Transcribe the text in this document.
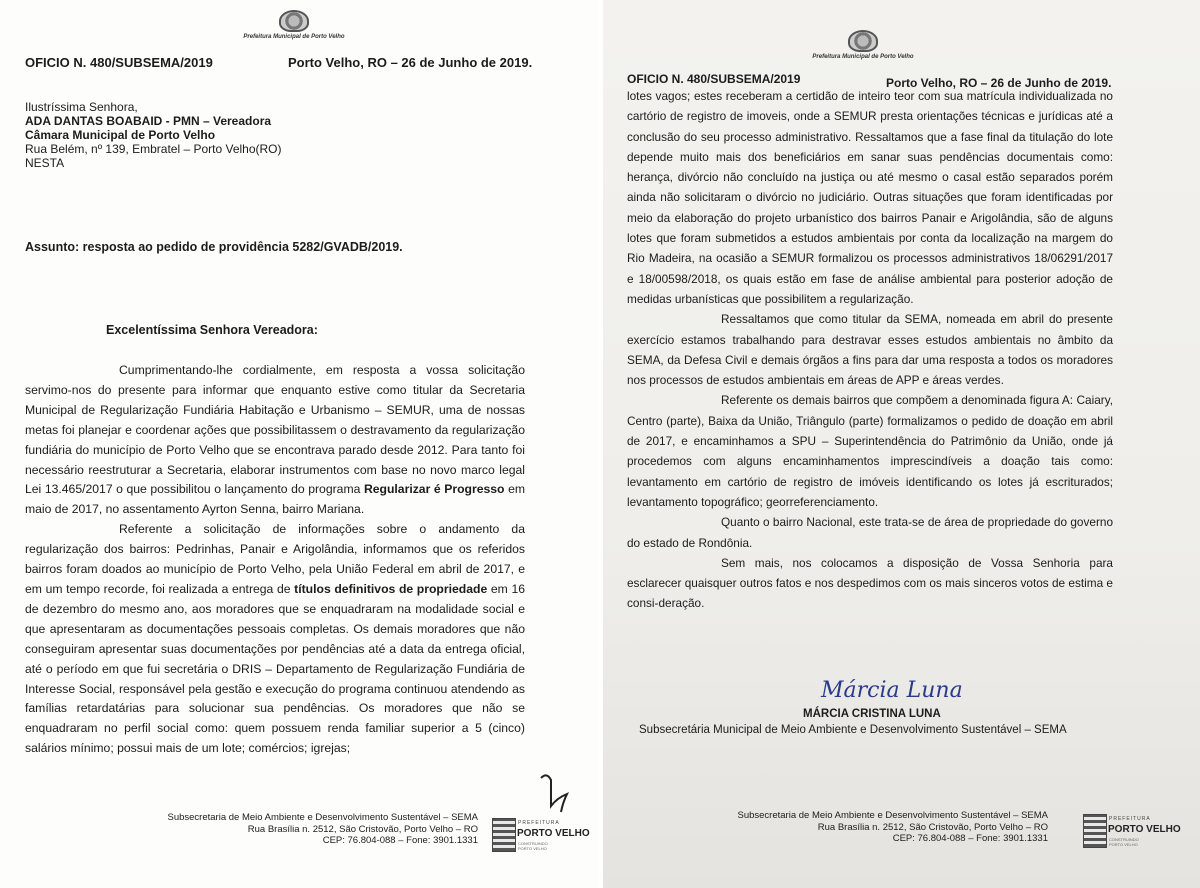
Prefeitura Municipal de Porto Velho
OFICIO N. 480/SUBSEMA/2019	Porto Velho, RO – 26 de Junho de 2019.
Ilustríssima Senhora,
ADA DANTAS BOABAID - PMN – Vereadora
Câmara Municipal de Porto Velho
Rua Belém, nº 139, Embratel – Porto Velho(RO)
NESTA
Assunto: resposta ao pedido de providência 5282/GVADB/2019.
Excelentíssima Senhora Vereadora:

Cumprimentando-lhe cordialmente, em resposta a vossa solicitação servimo-nos do presente para informar que enquanto estive como titular da Secretaria Municipal de Regularização Fundiária Habitação e Urbanismo – SEMUR, uma de nossas metas foi planejar e coordenar ações que possibilitassem o destravamento da regularização fundiária do município de Porto Velho que se encontrava parado desde 2012. Para tanto foi necessário reestruturar a Secretaria, elaborar instrumentos com base no novo marco legal Lei 13.465/2017 o que possibilitou o lançamento do programa Regularizar é Progresso em maio de 2017, no assentamento Ayrton Senna, bairro Mariana.

Referente a solicitação de informações sobre o andamento da regularização dos bairros: Pedrinhas, Panair e Arigolândia, informamos que os referidos bairros foram doados ao município de Porto Velho, pela União Federal em abril de 2017, e em um tempo recorde, foi realizada a entrega de títulos definitivos de propriedade em 16 de dezembro do mesmo ano, aos moradores que se enquadraram na modalidade social e que apresentaram as documentações pessoais completas. Os demais moradores que não conseguiram apresentar suas documentações por pendências até a data da entrega oficial, até o período em que fui secretária o DRIS – Departamento de Regularização Fundiária de Interesse Social, responsável pela gestão e execução do programa continuou atendendo as famílias retardatárias para solucionar sua pendências. Os moradores que não se enquadraram no perfil social como: quem possuem renda familiar superior a 5 (cinco) salários mínimo; possui mais de um lote; comércios; igrejas;

Subsecretaria de Meio Ambiente e Desenvolvimento Sustentável – SEMA
Rua Brasília n. 2512, São Cristovão, Porto Velho – RO
CEP: 76.804-088 – Fone: 3901.1331
PREFEITURA
PORTO VELHO
CONSTRUINDO PORTO VELHO
Prefeitura Municipal de Porto Velho
OFICIO N. 480/SUBSEMA/2019	Porto Velho, RO – 26 de Junho de 2019.

lotes vagos; estes receberam a certidão de inteiro teor com sua matrícula individualizada no cartório de registro de imoveis, onde a SEMUR presta orientações técnicas e jurídicas até a conclusão do seu processo administrativo. Ressaltamos que a fase final da titulação do lote depende muito mais dos beneficiários em sanar suas pendências documentais como: herança, divórcio não concluído na justiça ou até mesmo o casal estão separados porém ainda não solicitaram o divórcio no judiciário. Outras situações que foram identificadas por meio da elaboração do projeto urbanístico dos bairros Panair e Arigolândia, são de alguns lotes que foram submetidos a estudos ambientais por conta da localização na margem do Rio Madeira, na ocasião a SEMUR formalizou os processos administrativos 18/06291/2017 e 18/00598/2018, os quais estão em fase de análise ambiental para posterior adoção de medidas urbanísticas que possibilitem a regularização.

Ressaltamos que como titular da SEMA, nomeada em abril do presente exercício estamos trabalhando para destravar esses estudos ambientais no âmbito da SEMA, da Defesa Civil e demais órgãos a fins para dar uma resposta a todos os moradores nos processos de estudos ambientais em áreas de APP e áreas verdes.

Referente os demais bairros que compõem a denominada figura A: Caiary, Centro (parte), Baixa da União, Triângulo (parte) formalizamos o pedido de doação em abril de 2017, e encaminhamos a SPU – Superintendência do Patrimônio da União, onde já procedemos com alguns encaminhamentos imprescindíveis a doação tais como: levantamento em cartório de registro de imóveis identificando os lotes já escriturados; levantamento topográfico; georreferenciamento.

Quanto o bairro Nacional, este trata-se de área de propriedade do governo do estado de Rondônia.

Sem mais, nos colocamos a disposição de Vossa Senhoria para esclarecer quaisquer outros fatos e nos despedimos com os mais sinceros votos de estima e consi-deração.

Márcia Luna
MÁRCIA CRISTINA LUNA
Subsecretária Municipal de Meio Ambiente e Desenvolvimento Sustentável – SEMA
Subsecretaria de Meio Ambiente e Desenvolvimento Sustentável – SEMA
Rua Brasília n. 2512, São Cristovão, Porto Velho – RO
CEP: 76.804-088 – Fone: 3901.1331
PREFEITURA
PORTO VELHO
CONSTRUINDO PORTO VELHO
